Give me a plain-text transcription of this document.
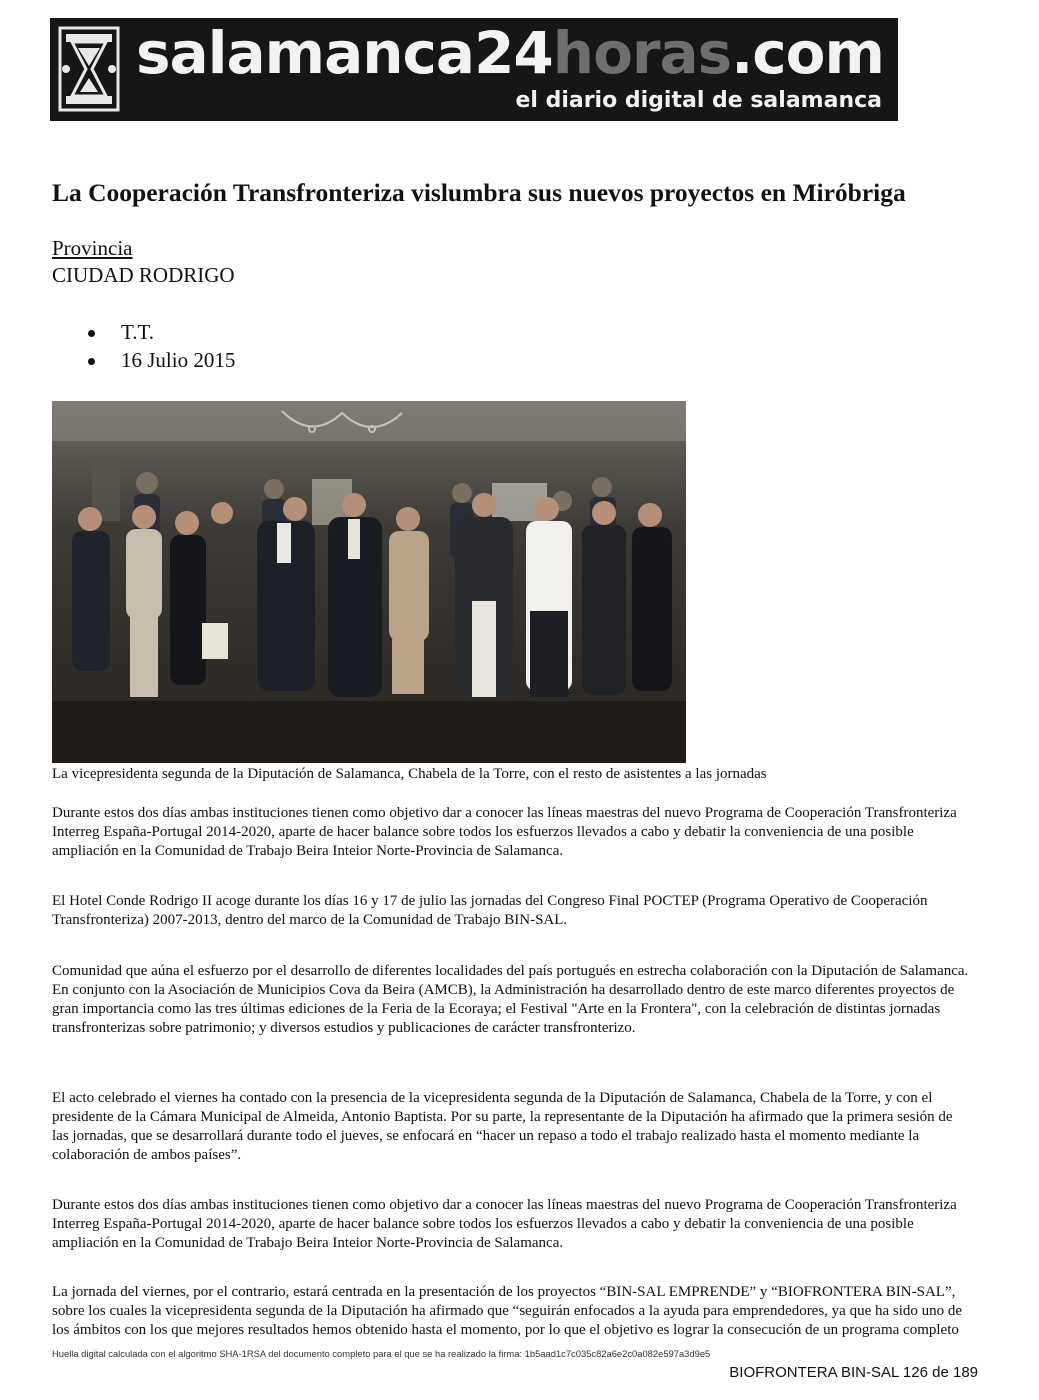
salamanca24horas.com
el diario digital de salamanca
La Cooperación Transfronteriza vislumbra sus nuevos proyectos en Miróbriga
Provincia
CIUDAD RODRIGO
T.T.
16 Julio 2015
La vicepresidenta segunda de la Diputación de Salamanca, Chabela de la Torre, con el resto de asistentes a las jornadas

Durante estos dos días ambas instituciones tienen como objetivo dar a conocer las líneas maestras del nuevo Programa de Cooperación Transfronteriza Interreg España-Portugal 2014-2020, aparte de hacer balance sobre todos los esfuerzos llevados a cabo y debatir la conveniencia de una posible ampliación en la Comunidad de Trabajo Beira Inteior Norte-Provincia de Salamanca.

El Hotel Conde Rodrigo II acoge durante los días 16 y 17 de julio las jornadas del Congreso Final POCTEP (Programa Operativo de Cooperación Transfronteriza) 2007-2013, dentro del marco de la Comunidad de Trabajo BIN-SAL.

Comunidad que aúna el esfuerzo por el desarrollo de diferentes localidades del país portugués en estrecha colaboración con la Diputación de Salamanca. En conjunto con la Asociación de Municipios Cova da Beira (AMCB), la Administración ha desarrollado dentro de este marco diferentes proyectos de gran importancia como las tres últimas ediciones de la Feria de la Ecoraya; el Festival "Arte en la Frontera", con la celebración de distintas jornadas transfronterizas sobre patrimonio; y diversos estudios y publicaciones de carácter transfronterizo.

El acto celebrado el viernes ha contado con la presencia de la vicepresidenta segunda de la Diputación de Salamanca, Chabela de la Torre, y con el presidente de la Cámara Municipal de Almeida, Antonio Baptista. Por su parte, la representante de la Diputación ha afirmado que la primera sesión de las jornadas, que se desarrollará durante todo el jueves, se enfocará en “hacer un repaso a todo el trabajo realizado hasta el momento mediante la colaboración de ambos países”.

Durante estos dos días ambas instituciones tienen como objetivo dar a conocer las líneas maestras del nuevo Programa de Cooperación Transfronteriza Interreg España-Portugal 2014-2020, aparte de hacer balance sobre todos los esfuerzos llevados a cabo y debatir la conveniencia de una posible ampliación en la Comunidad de Trabajo Beira Inteior Norte-Provincia de Salamanca.

La jornada del viernes, por el contrario, estará centrada en la presentación de los proyectos “BIN-SAL EMPRENDE” y “BIOFRONTERA BIN-SAL”, sobre los cuales la vicepresidenta segunda de la Diputación ha afirmado que “seguirán enfocados a la ayuda para emprendedores, ya que ha sido uno de los ámbitos con los que mejores resultados hemos obtenido hasta el momento, por lo que el objetivo es lograr la consecución de un programa completo

Huella digital calculada con el algoritmo SHA-1RSA del documento completo para el que se ha realizado la firma: 1b5aad1c7c035c82a6e2c0a082e597a3d9e5
BIOFRONTERA BIN-SAL 126 de 189
